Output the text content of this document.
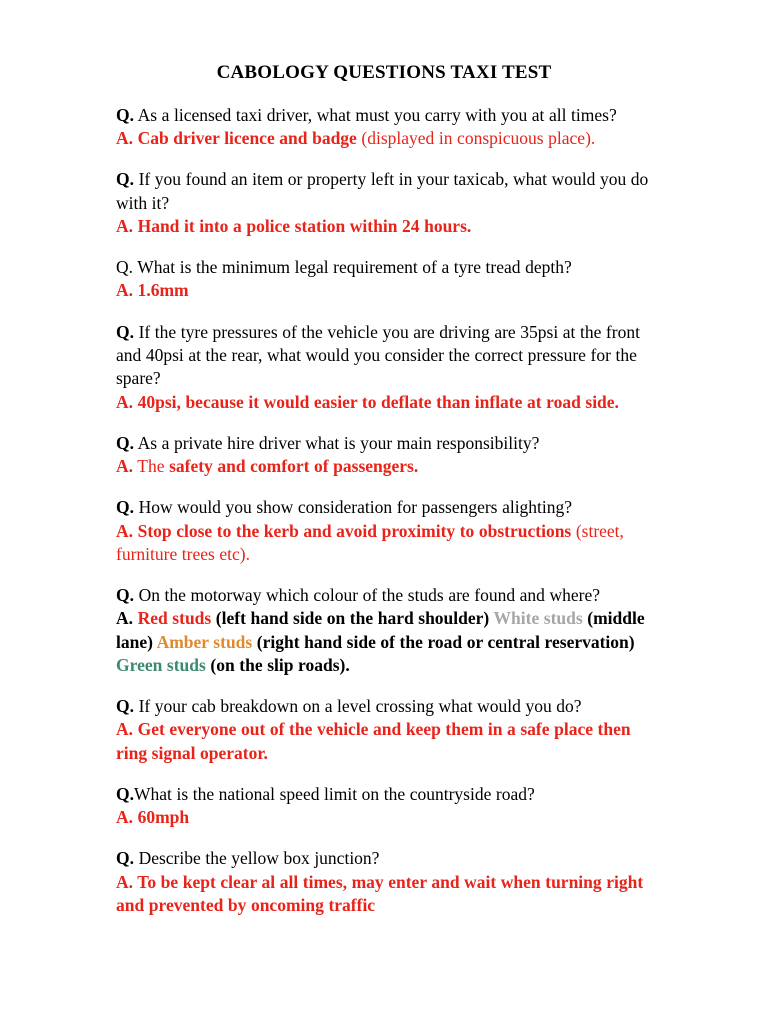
CABOLOGY QUESTIONS TAXI TEST

Q. As a licensed taxi driver, what must you carry with you at all times?

A. Cab driver licence and badge (displayed in conspicuous place).

Q. If you found an item or property left in your taxicab, what would you do with it?

A. Hand it into a police station within 24 hours.

Q. What is the minimum legal requirement of a tyre tread depth?

A. 1.6mm

Q. If the tyre pressures of the vehicle you are driving are 35psi at the front and 40psi at the rear, what would you consider the correct pressure for the spare?

A. 40psi, because it would easier to deflate than inflate at road side.

Q. As a private hire driver what is your main responsibility?

A. The safety and comfort of passengers.

Q. How would you show consideration for passengers alighting?

A. Stop close to the kerb and avoid proximity to obstructions (street, furniture trees etc).

Q. On the motorway which colour of the studs are found and where?

A. Red studs (left hand side on the hard shoulder) White studs (middle lane) Amber studs (right hand side of the road or central reservation) Green studs (on the slip roads).

Q. If your cab breakdown on a level crossing what would you do?

A. Get everyone out of the vehicle and keep them in a safe place then ring signal operator.

Q.What is the national speed limit on the countryside road?

A. 60mph

Q. Describe the yellow box junction?

A. To be kept clear al all times, may enter and wait when turning right and prevented by oncoming traffic
